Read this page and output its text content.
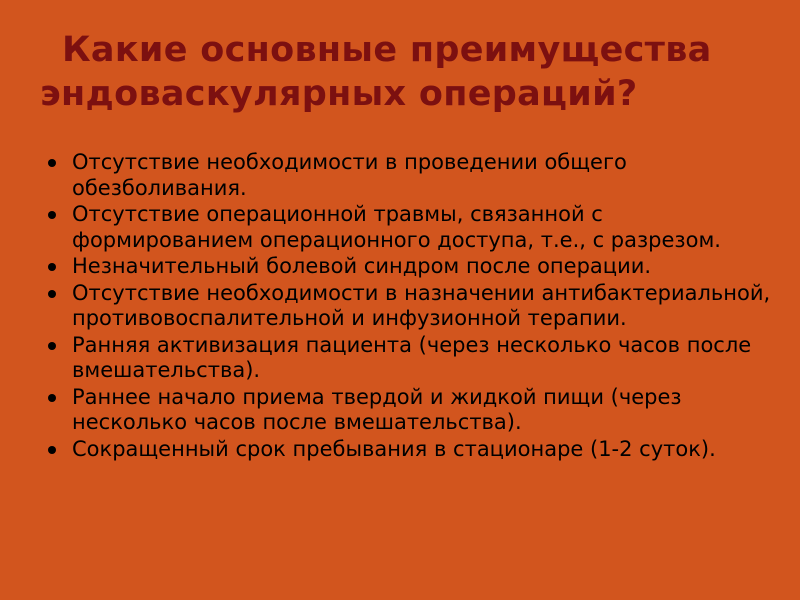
Какие основные преимущества эндоваскулярных операций?
Отсутствие необходимости в проведении общего обезболивания.
Отсутствие операционной травмы, связанной с формированием операционного доступа, т.е., с разрезом.
Незначительный болевой синдром после операции.
Отсутствие необходимости в назначении антибактериальной, противовоспалительной и инфузионной терапии.
Ранняя активизация пациента (через несколько часов после вмешательства).
Раннее начало приема твердой и жидкой пищи (через несколько часов после вмешательства).
Сокращенный срок пребывания в стационаре (1-2 суток).
